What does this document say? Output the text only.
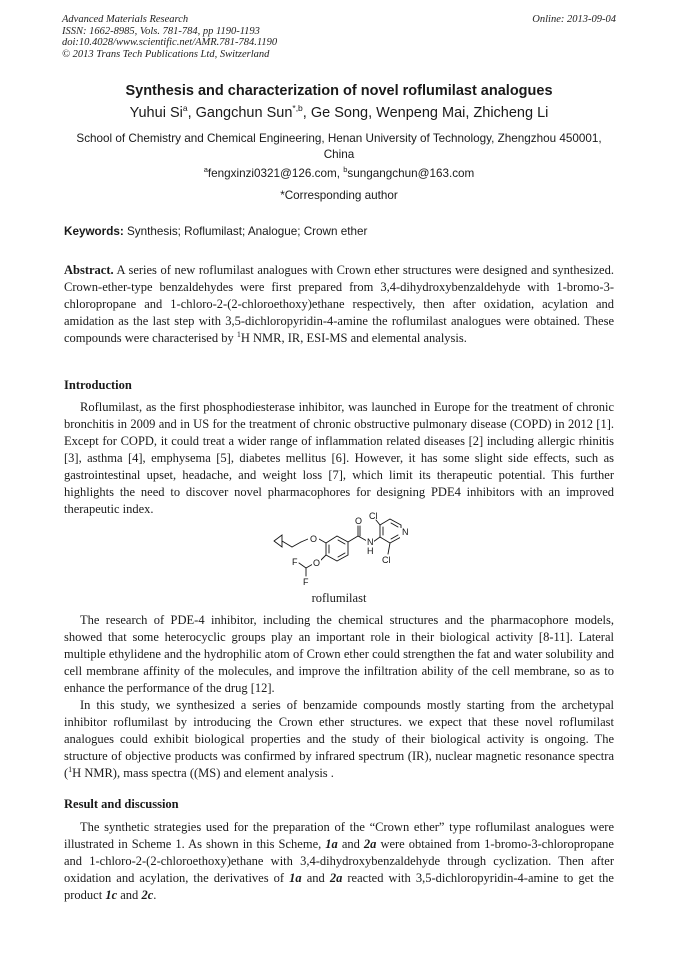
Advanced Materials Research
ISSN: 1662-8985, Vols. 781-784, pp 1190-1193
doi:10.4028/www.scientific.net/AMR.781-784.1190
© 2013 Trans Tech Publications Ltd, Switzerland
Online: 2013-09-04
Synthesis and characterization of novel roflumilast analogues
Yuhui Si$^a$, Gangchun Sun$^{*,b}$, Ge Song, Wenpeng Mai, Zhicheng Li
School of Chemistry and Chemical Engineering, Henan University of Technology, Zhengzhou 450001, China
$^a$fengxinzi0321@126.com, $^b$sungangchun@163.com
*Corresponding author
Keywords: Synthesis; Roflumilast; Analogue; Crown ether
Abstract. A series of new roflumilast analogues with Crown ether structures were designed and synthesized. Crown-ether-type benzaldehydes were first prepared from 3,4-dihydroxybenzaldehyde with 1-bromo-3-chloropropane and 1-chloro-2-(2-chloroethoxy)ethane respectively, then after oxidation, acylation and amidation as the last step with 3,5-dichloropyridin-4-amine the roflumilast analogues were obtained. These compounds were characterised by $^1$H NMR, IR, ESI-MS and elemental analysis.
Introduction

Roflumilast, as the first phosphodiesterase inhibitor, was launched in Europe for the treatment of chronic bronchitis in 2009 and in US for the treatment of chronic obstructive pulmonary disease (COPD) in 2012 [1]. Except for COPD, it could treat a wider range of inflammation related diseases [2] including allergic rhinitis [3], asthma [4], emphysema [5], diabetes mellitus [6]. However, it has some slight side effects, such as gastrointestinal upset, headache, and weight loss [7], which limit its therapeutic potential. This further highlights the need to discover novel pharmacophores for designing PDE4 inhibitors with an improved therapeutic index.

O
O
O
N
H
N
Cl
Cl
F
F
roflumilast

The research of PDE-4 inhibitor, including the chemical structures and the pharmacophore models, showed that some heterocyclic groups play an important role in their biological activity [8-11]. Lateral multiple ethylidene and the hydrophilic atom of Crown ether could strengthen the fat and water solubility and cell membrane affinity of the molecules, and improve the infiltration ability of the cell membrane, so as to enhance the performance of the drug [12].

In this study, we synthesized a series of benzamide compounds mostly starting from the archetypal inhibitor roflumilast by introducing the Crown ether structures. we expect that these novel roflumilast analogues could exhibit biological properties and the study of their biological activity is ongoing. The structure of objective products was confirmed by infrared spectrum (IR), nuclear magnetic resonance spectra ($^1$H NMR), mass spectra ((MS) and element analysis .

Result and discussion

The synthetic strategies used for the preparation of the “Crown ether” type roflumilast analogues were illustrated in Scheme 1. As shown in this Scheme, 1a and 2a were obtained from 1-bromo-3-chloropropane and 1-chloro-2-(2-chloroethoxy)ethane with 3,4-dihydroxybenzaldehyde through cyclization. Then after oxidation and acylation, the derivatives of 1a and 2a reacted with 3,5-dichloropyridin-4-amine to get the product 1c and 2c.
